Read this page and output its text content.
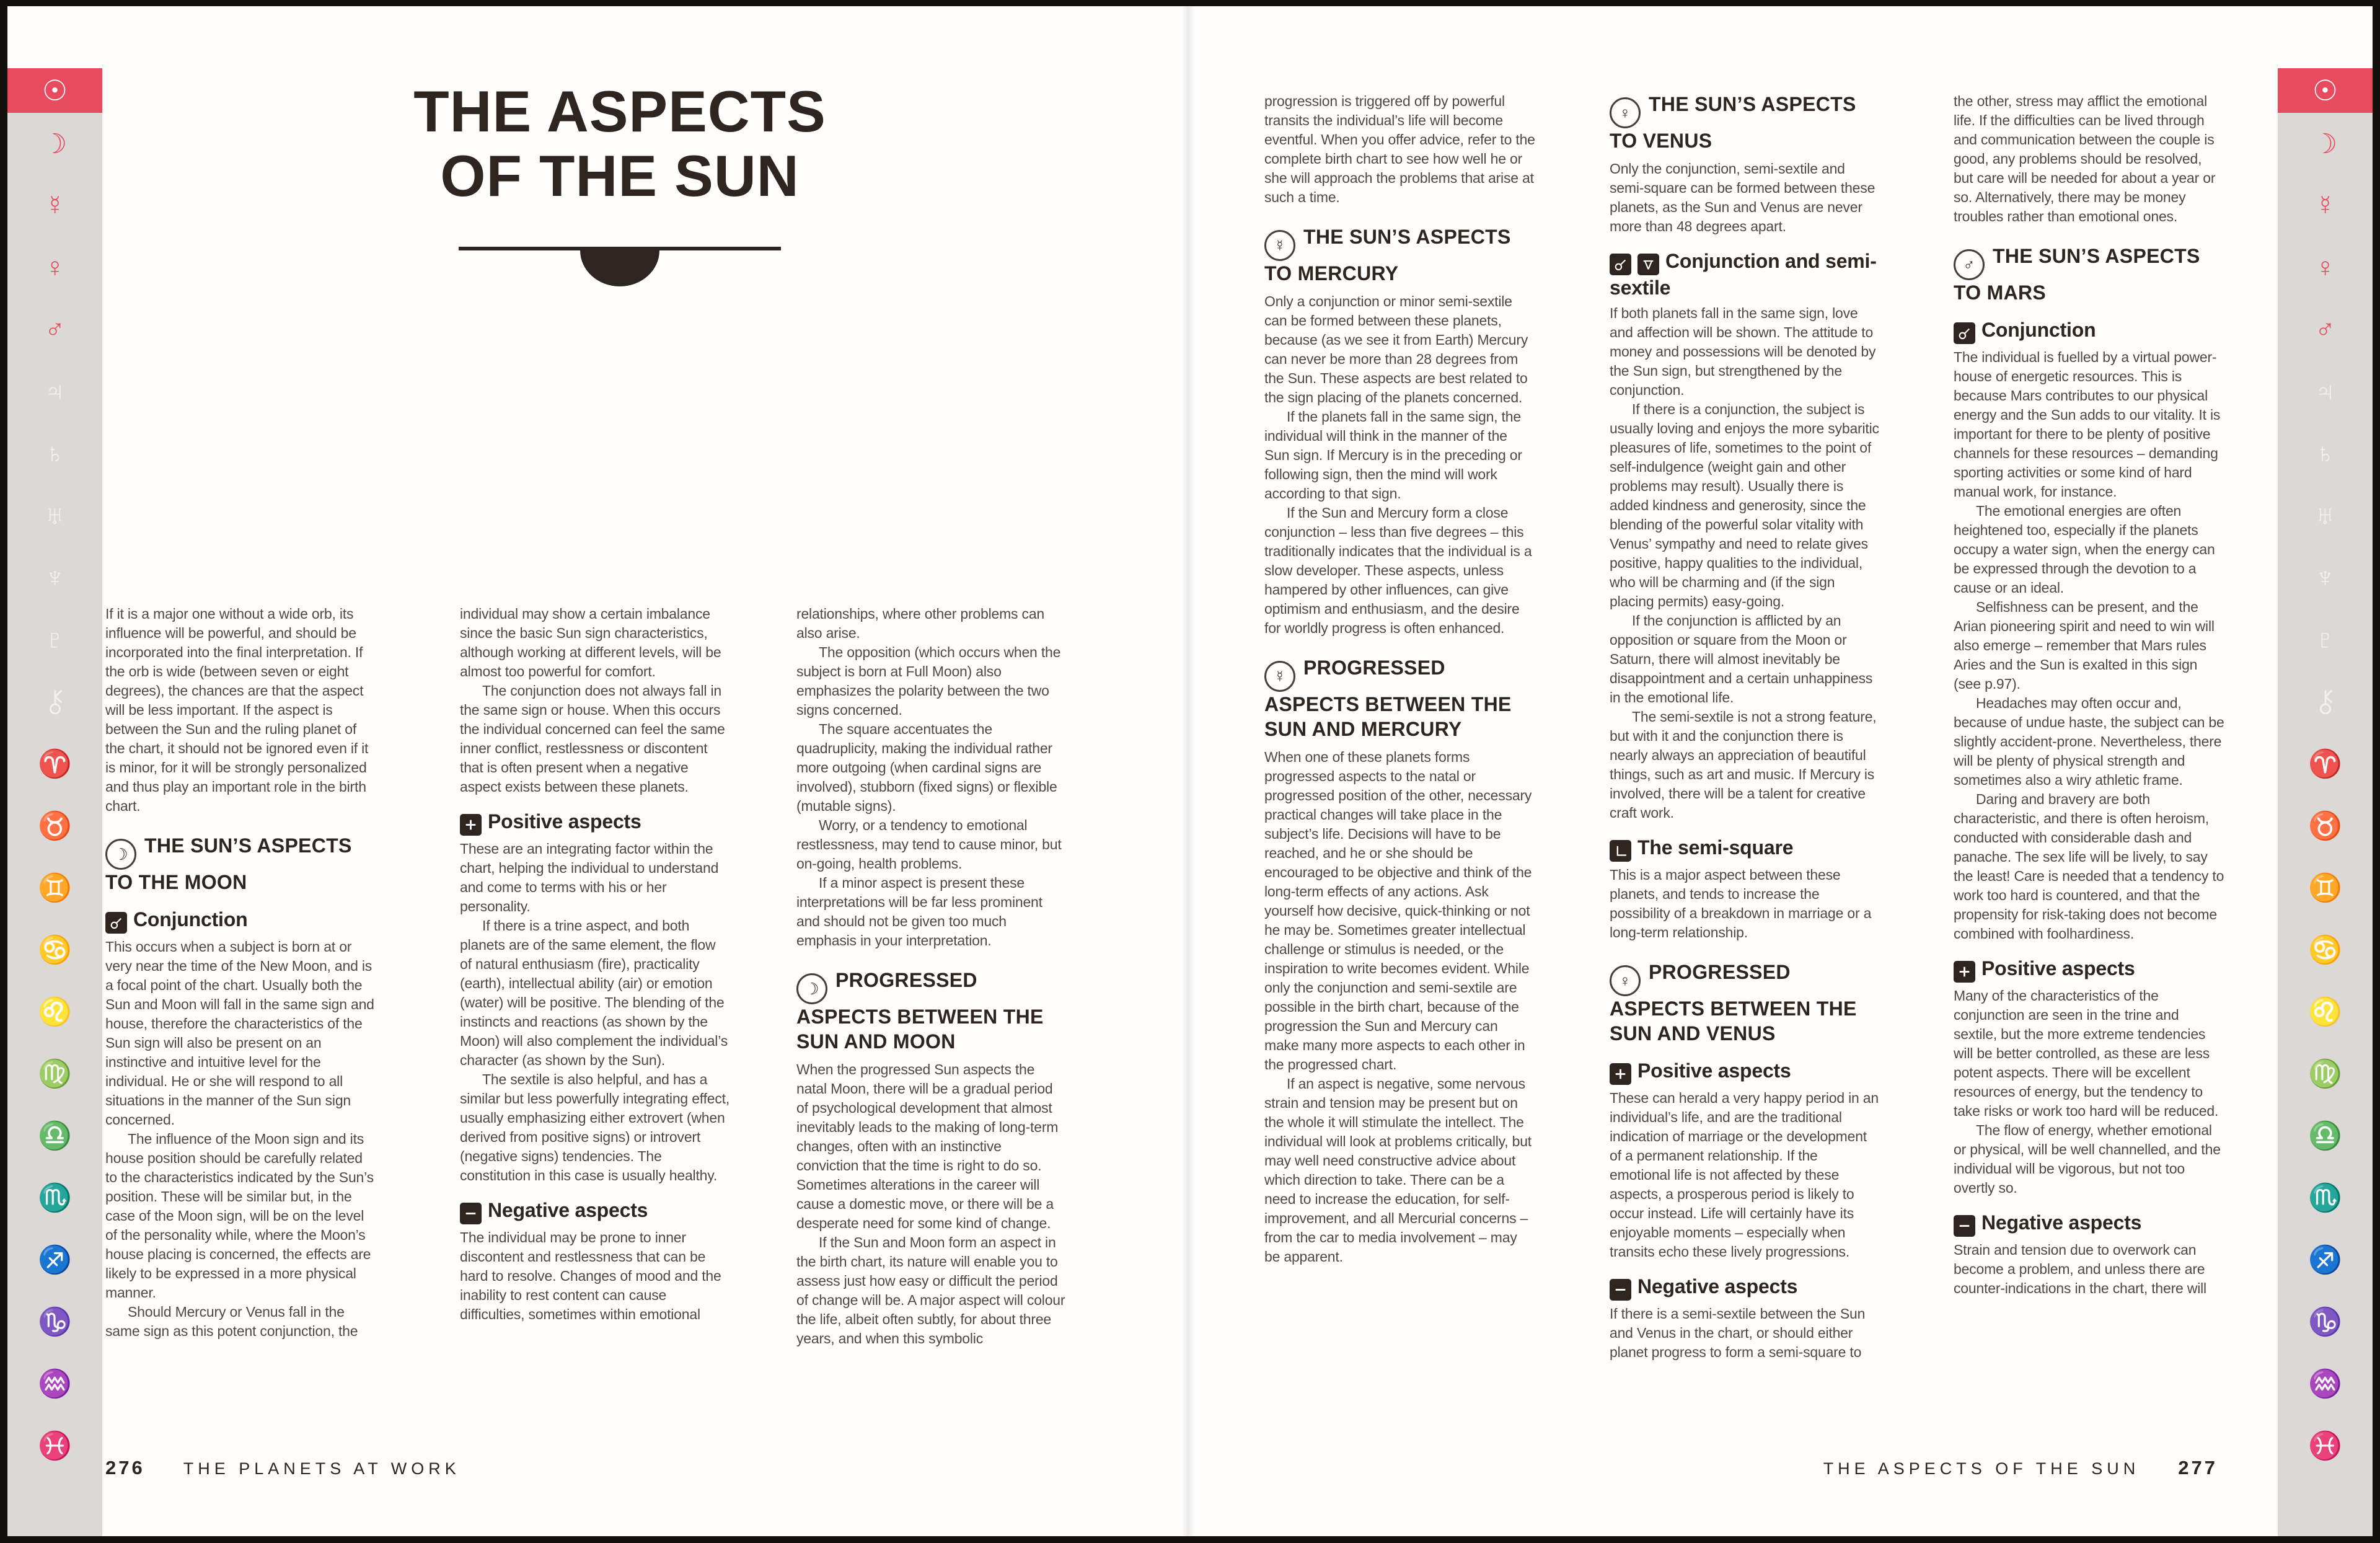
☉
☽
☿
♀
♂
♃
♄
♅
♆
♇
♈
♉
♊
♋
♌
♍
♎
♏
♐
♑
♒
♓
☉
☽
☿
♀
♂
♃
♄
♅
♆
♇
♈
♉
♊
♋
♌
♍
♎
♏
♐
♑
♒
♓
THE ASPECTS
OF THE SUN

If it is a major one without a wide orb, its influence will be powerful, and should be incorporated into the final interpretation. If the orb is wide (between seven or eight degrees), the chances are that the aspect will be less important. If the aspect is between the Sun and the ruling planet of the chart, it should not be ignored even if it is minor, for it will be strongly personalized and thus play an important role in the birth chart.

☽ THE SUN’S ASPECTS TO THE MOON
Conjunction

This occurs when a subject is born at or very near the time of the New Moon, and is a focal point of the chart. Usually both the Sun and Moon will fall in the same sign and house, therefore the characteristics of the Sun sign will also be present on an instinctive and intuitive level for the individual. He or she will respond to all situations in the manner of the Sun sign concerned.

The influence of the Moon sign and its house position should be carefully related to the characteristics indicated by the Sun’s position. These will be similar but, in the case of the Moon sign, will be on the level of the personality while, where the Moon’s house placing is concerned, the effects are likely to be expressed in a more physical manner.

Should Mercury or Venus fall in the same sign as this potent conjunction, the

individual may show a certain imbalance since the basic Sun sign characteristics, although working at different levels, will be almost too powerful for comfort.

The conjunction does not always fall in the same sign or house. When this occurs the individual concerned can feel the same inner conflict, restlessness or discontent that is often present when a negative aspect exists between these planets.

Positive aspects

These are an integrating factor within the chart, helping the individual to understand and come to terms with his or her personality.

If there is a trine aspect, and both planets are of the same element, the flow of natural enthusiasm (fire), practicality (earth), intellectual ability (air) or emotion (water) will be positive. The blending of the instincts and reactions (as shown by the Moon) will also complement the individual’s character (as shown by the Sun).

The sextile is also helpful, and has a similar but less powerfully integrating effect, usually emphasizing either extrovert (when derived from positive signs) or introvert (negative signs) tendencies. The constitution in this case is usually healthy.

Negative aspects

The individual may be prone to inner discontent and restlessness that can be hard to resolve. Changes of mood and the inability to rest content can cause difficulties, sometimes within emotional

relationships, where other problems can also arise.

The opposition (which occurs when the subject is born at Full Moon) also emphasizes the polarity between the two signs concerned.

The square accentuates the quadruplicity, making the individual rather more outgoing (when cardinal signs are involved), stubborn (fixed signs) or flexible (mutable signs).

Worry, or a tendency to emotional restlessness, may tend to cause minor, but on-going, health problems.

If a minor aspect is present these interpretations will be far less prominent and should not be given too much emphasis in your interpretation.

☽ PROGRESSED ASPECTS BETWEEN THE SUN AND MOON

When the progressed Sun aspects the natal Moon, there will be a gradual period of psychological development that almost inevitably leads to the making of long-term changes, often with an instinctive conviction that the time is right to do so. Sometimes alterations in the career will cause a domestic move, or there will be a desperate need for some kind of change.

If the Sun and Moon form an aspect in the birth chart, its nature will enable you to assess just how easy or difficult the period of change will be. A major aspect will colour the life, albeit often subtly, for about three years, and when this symbolic

progression is triggered off by powerful transits the individual’s life will become eventful. When you offer advice, refer to the complete birth chart to see how well he or she will approach the problems that arise at such a time.

☿ THE SUN’S ASPECTS TO MERCURY

Only a conjunction or minor semi-sextile can be formed between these planets, because (as we see it from Earth) Mercury can never be more than 28 degrees from the Sun. These aspects are best related to the sign placing of the planets concerned.

If the planets fall in the same sign, the individual will think in the manner of the Sun sign. If Mercury is in the preceding or following sign, then the mind will work according to that sign.

If the Sun and Mercury form a close conjunction – less than five degrees – this traditionally indicates that the individual is a slow developer. These aspects, unless hampered by other influences, can give optimism and enthusiasm, and the desire for worldly progress is often enhanced.

☿ PROGRESSED ASPECTS BETWEEN THE SUN AND MERCURY

When one of these planets forms progressed aspects to the natal or progressed position of the other, necessary practical changes will take place in the subject’s life. Decisions will have to be reached, and he or she should be encouraged to be objective and think of the long-term effects of any actions. Ask yourself how decisive, quick-thinking or not he may be. Sometimes greater intellectual challenge or stimulus is needed, or the inspiration to write becomes evident. While only the conjunction and semi-sextile are possible in the birth chart, because of the progression the Sun and Mercury can make many more aspects to each other in the progressed chart.

If an aspect is negative, some nervous strain and tension may be present but on the whole it will stimulate the intellect. The individual will look at problems critically, but may well need constructive advice about which direction to take. There can be a need to increase the education, for self-improvement, and all Mercurial concerns – from the car to media involvement – may be apparent.

♀ THE SUN’S ASPECTS TO VENUS

Only the conjunction, semi-sextile and semi-square can be formed between these planets, as the Sun and Venus are never more than 48 degrees apart.

Conjunction and semi-sextile

If both planets fall in the same sign, love and affection will be shown. The attitude to money and possessions will be denoted by the Sun sign, but strengthened by the conjunction.

If there is a conjunction, the subject is usually loving and enjoys the more sybaritic pleasures of life, sometimes to the point of self-indulgence (weight gain and other problems may result). Usually there is added kindness and generosity, since the blending of the powerful solar vitality with Venus’ sympathy and need to relate gives positive, happy qualities to the individual, who will be charming and (if the sign placing permits) easy-going.

If the conjunction is afflicted by an opposition or square from the Moon or Saturn, there will almost inevitably be disappointment and a certain unhappiness in the emotional life.

The semi-sextile is not a strong feature, but with it and the conjunction there is nearly always an appreciation of beautiful things, such as art and music. If Mercury is involved, there will be a talent for creative craft work.

The semi-square

This is a major aspect between these planets, and tends to increase the possibility of a breakdown in marriage or a long-term relationship.

♀ PROGRESSED ASPECTS BETWEEN THE SUN AND VENUS
Positive aspects

These can herald a very happy period in an individual’s life, and are the traditional indication of marriage or the development of a permanent relationship. If the emotional life is not affected by these aspects, a prosperous period is likely to occur instead. Life will certainly have its enjoyable moments – especially when transits echo these lively progressions.

Negative aspects

If there is a semi-sextile between the Sun and Venus in the chart, or should either planet progress to form a semi-square to

the other, stress may afflict the emotional life. If the difficulties can be lived through and communication between the couple is good, any problems should be resolved, but care will be needed for about a year or so. Alternatively, there may be money troubles rather than emotional ones.

♂ THE SUN’S ASPECTS TO MARS
Conjunction

The individual is fuelled by a virtual power-house of energetic resources. This is because Mars contributes to our physical energy and the Sun adds to our vitality. It is important for there to be plenty of positive channels for these resources – demanding sporting activities or some kind of hard manual work, for instance.

The emotional energies are often heightened too, especially if the planets occupy a water sign, when the energy can be expressed through the devotion to a cause or an ideal.

Selfishness can be present, and the Arian pioneering spirit and need to win will also emerge – remember that Mars rules Aries and the Sun is exalted in this sign (see p.97).

Headaches may often occur and, because of undue haste, the subject can be slightly accident-prone. Nevertheless, there will be plenty of physical strength and sometimes also a wiry athletic frame.

Daring and bravery are both characteristic, and there is often heroism, conducted with considerable dash and panache. The sex life will be lively, to say the least! Care is needed that a tendency to work too hard is countered, and that the propensity for risk-taking does not become combined with foolhardiness.

Positive aspects

Many of the characteristics of the conjunction are seen in the trine and sextile, but the more extreme tendencies will be better controlled, as these are less potent aspects. There will be excellent resources of energy, but the tendency to take risks or work too hard will be reduced.

The flow of energy, whether emotional or physical, will be well channelled, and the individual will be vigorous, but not too overtly so.

Negative aspects

Strain and tension due to overwork can become a problem, and unless there are counter-indications in the chart, there will

276 THE PLANETS AT WORK	THE ASPECTS OF THE SUN 277
